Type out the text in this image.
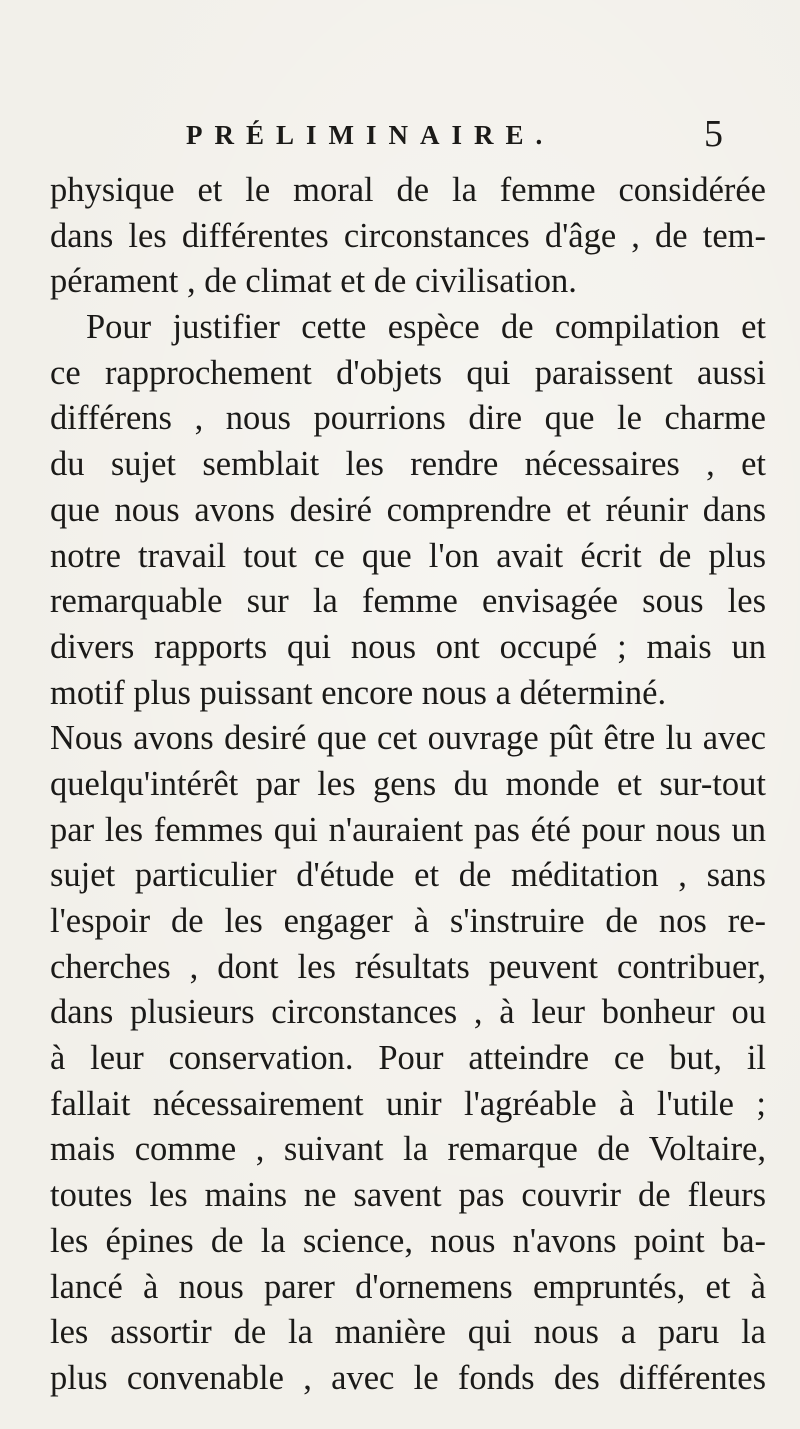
PRÉLIMINAIRE.	5
physique et le moral de la femme considérée
dans les différentes circonstances d'âge , de tem-
pérament , de climat et de civilisation.
Pour justifier cette espèce de compilation et
ce rapprochement d'objets qui paraissent aussi
différens , nous pourrions dire que le charme
du sujet semblait les rendre nécessaires , et
que nous avons desiré comprendre et réunir dans
notre travail tout ce que l'on avait écrit de plus
remarquable sur la femme envisagée sous les
divers rapports qui nous ont occupé ; mais un
motif plus puissant encore nous a déterminé.
Nous avons desiré que cet ouvrage pût être lu avec
quelqu'intérêt par les gens du monde et sur-tout
par les femmes qui n'auraient pas été pour nous un
sujet particulier d'étude et de méditation , sans
l'espoir de les engager à s'instruire de nos re-
cherches , dont les résultats peuvent contribuer,
dans plusieurs circonstances , à leur bonheur ou
à leur conservation. Pour atteindre ce but, il
fallait nécessairement unir l'agréable à l'utile ;
mais comme , suivant la remarque de Voltaire,
toutes les mains ne savent pas couvrir de fleurs
les épines de la science, nous n'avons point ba-
lancé à nous parer d'ornemens empruntés, et à
les assortir de la manière qui nous a paru la
plus convenable , avec le fonds des différentes
